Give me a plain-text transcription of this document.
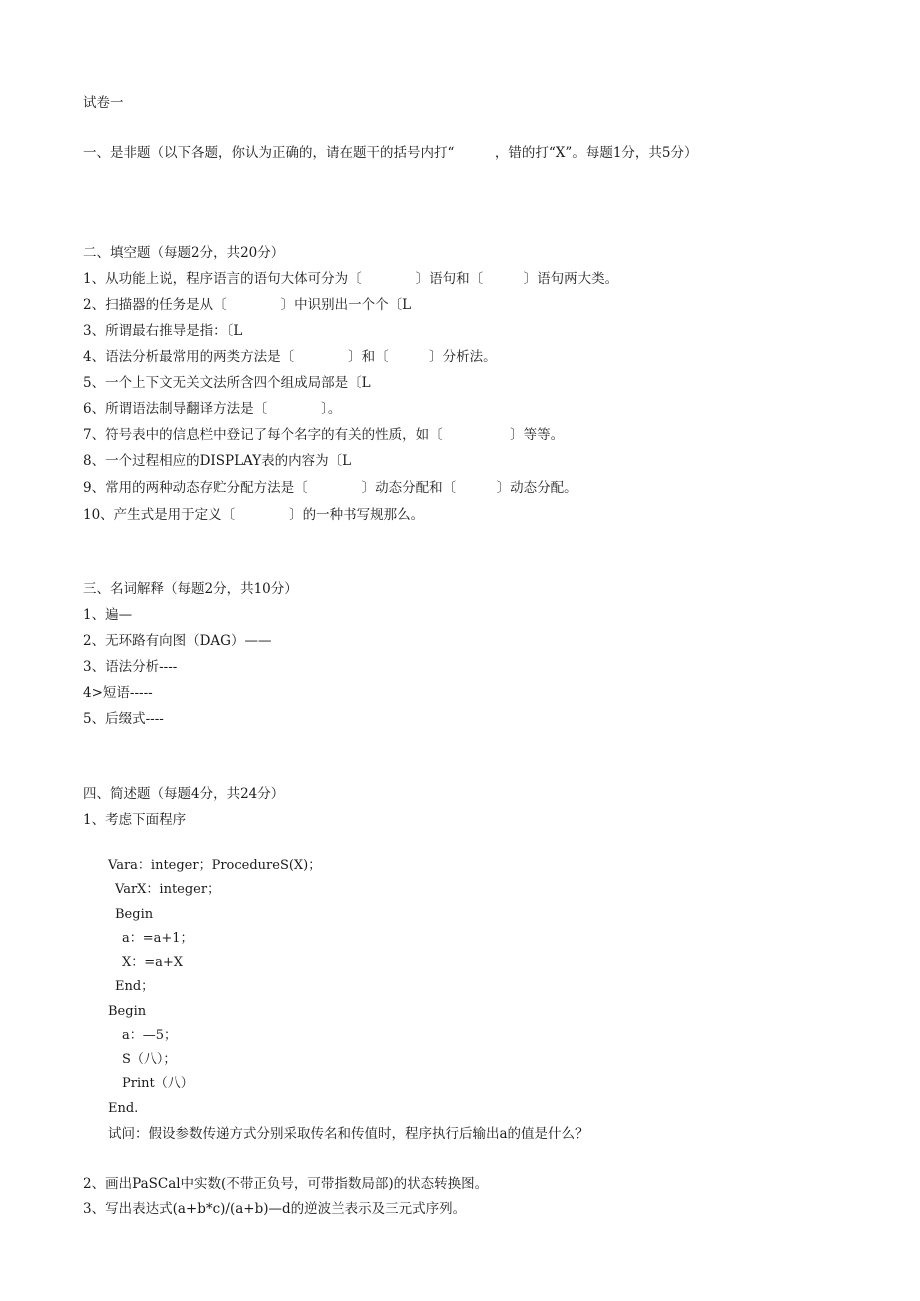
试卷一
一、是非题（以下各题，你认为正确的，请在题干的括号内打“　　　，错的打“X”。每题1分，共5分）
二、填空题（每题2分，共20分）
1、从功能上说，程序语言的语句大体可分为〔　　　　〕语句和〔　　　〕语句两大类。
2、扫描器的任务是从〔　　　　〕中识别出一个个〔L
3、所谓最右推导是指：〔L
4、语法分析最常用的两类方法是〔　　　　〕和〔　　　〕分析法。
5、一个上下文无关文法所含四个组成局部是〔L
6、所谓语法制导翻译方法是〔　　　　〕。
7、符号表中的信息栏中登记了每个名字的有关的性质，如〔　　　　　〕等等。
8、一个过程相应的DISPLAY表的内容为〔L
9、常用的两种动态存贮分配方法是〔　　　　〕动态分配和〔　　　〕动态分配。
10、产生式是用于定义〔　　　　〕的一种书写规那么。
三、名词解释（每题2分，共10分）
1、遍—
2、无环路有向图（DAG）——
3、语法分析----
4>短语-----
5、后缀式----
四、简述题（每题4分，共24分）
1、考虑下面程序
Vara：integer；ProcedureS(X)；
VarX：integer；
Begin
a：=a+1；
X：=a+X
End；
Begin
a：—5；
S（八）；
Print（八）
End.
试问：假设参数传递方式分别采取传名和传值时，程序执行后输出a的值是什么？
2、画出PaSCal中实数(不带正负号，可带指数局部)的状态转换图。
3、写出表达式(a+b*c)/(a+b)—d的逆波兰表示及三元式序列。
